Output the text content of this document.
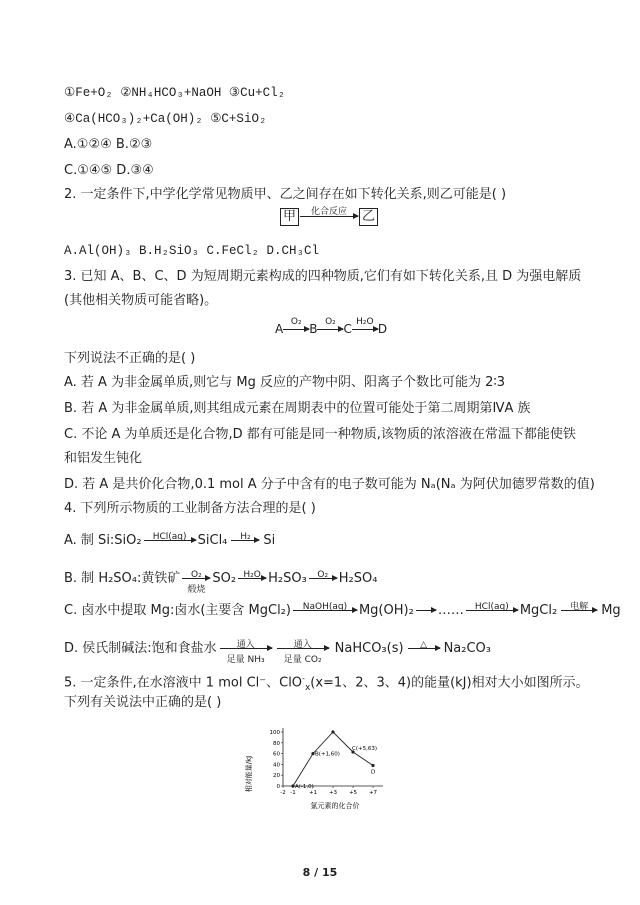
①Fe+O₂ ②NH₄HCO₃+NaOH ③Cu+Cl₂
④Ca(HCO₃)₂+Ca(OH)₂ ⑤C+SiO₂
A.①②④ B.②③
C.①④⑤ D.③④
2. 一定条件下,中学化学常见物质甲、乙之间存在如下转化关系,则乙可能是( )
甲	化合反应	乙
A.Al(OH)₃ B.H₂SiO₃ C.FeCl₂ D.CH₃Cl
3. 已知 A、B、C、D 为短周期元素构成的四种物质,它们有如下转化关系,且 D 为强电解质
(其他相关物质可能省略)。
A O₂ B O₂ C H₂O D
下列说法不正确的是( )
A. 若 A 为非金属单质,则它与 Mg 反应的产物中阴、阳离子个数比可能为 2∶3
B. 若 A 为非金属单质,则其组成元素在周期表中的位置可能处于第二周期第ⅣA 族
C. 不论 A 为单质还是化合物,D 都有可能是同一种物质,该物质的浓溶液在常温下都能使铁
和铝发生钝化
D. 若 A 是共价化合物,0.1 mol A 分子中含有的电子数可能为 Nₐ(Nₐ 为阿伏加德罗常数的值)
4. 下列所示物质的工业制备方法合理的是( )
A. 制 Si:SiO₂	HCl(aq) SiCl₄	H₂ Si
B. 制 H₂SO₄:黄铁矿	O₂
煅烧
SO₂ H₂O H₂SO₃	O₂ H₂SO₄
C. 卤水中提取 Mg:卤水(主要含 MgCl₂)	NaOH(aq) Mg(OH)₂ ……	HCl(aq) MgCl₂	电解	Mg
D. 侯氏制碱法:饱和食盐水	通入
足量 NH₃
通入
足量 CO₂
NaHCO₃(s)	△	Na₂CO₃
5. 一定条件,在水溶液中 1 mol Cl⁻、ClO-$_x$(x=1、2、3、4)的能量(kJ)相对大小如图所示。
下列有关说法中正确的是( )
0
20
40
60
80
100
-2 -1 +1 +3 +5 +7
A(-1,0)
B(+1,60)
C(+5,63)
D
相对能量/kJ
氯元素的化合价
8 / 15
